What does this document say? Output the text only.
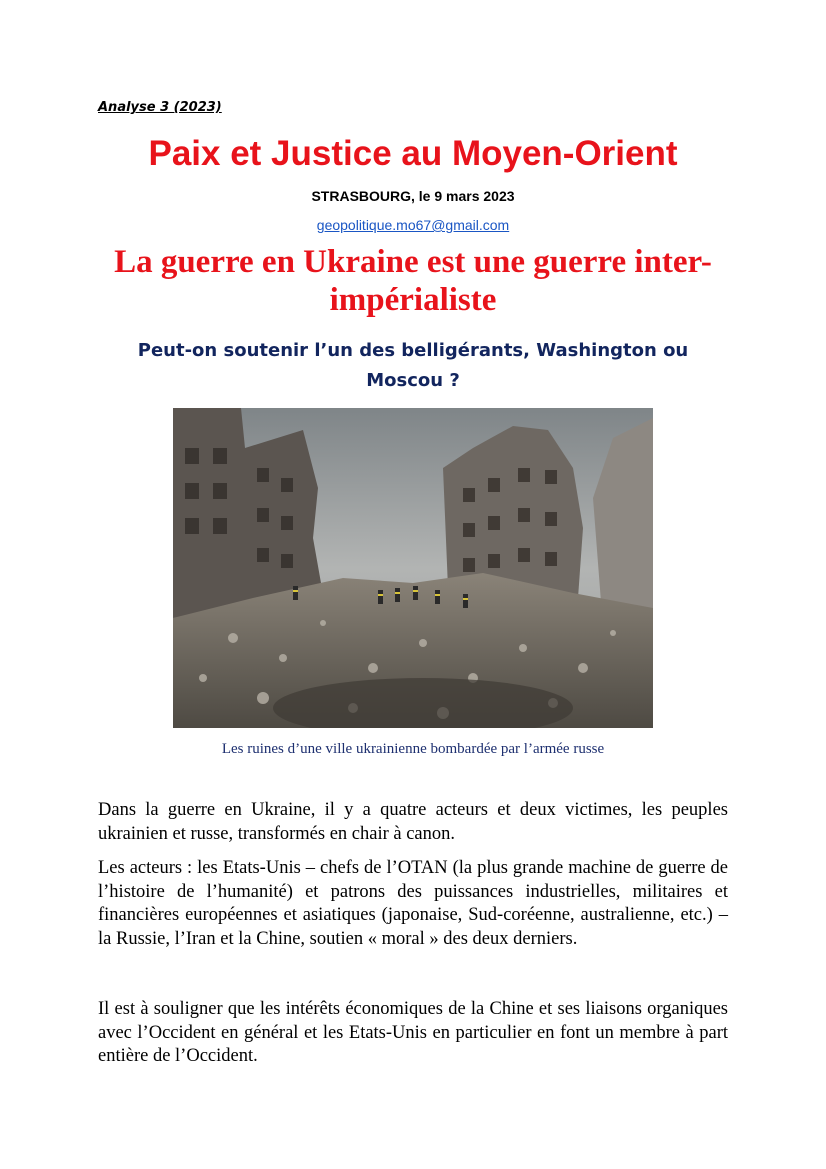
Analyse 3 (2023)

Paix et Justice au Moyen-Orient

STRASBOURG, le 9 mars 2023

geopolitique.mo67@gmail.com
La guerre en Ukraine est une guerre inter-impérialiste

Peut-on soutenir l’un des belligérants, Washington ou Moscou ?

Les ruines d’une ville ukrainienne bombardée par l’armée russe

Dans la guerre en Ukraine, il y a quatre acteurs et deux victimes, les peuples ukrainien et russe, transformés en chair à canon.

Les acteurs : les Etats-Unis – chefs de l’OTAN (la plus grande machine de guerre de l’histoire de l’humanité) et patrons des puissances industrielles, militaires et financières européennes et asiatiques (japonaise, Sud-coréenne, australienne, etc.) – la Russie, l’Iran et la Chine, soutien « moral » des deux derniers.

Il est à souligner que les intérêts économiques de la Chine et ses liaisons organiques avec l’Occident en général et les Etats-Unis en particulier en font un membre à part entière de l’Occident.
